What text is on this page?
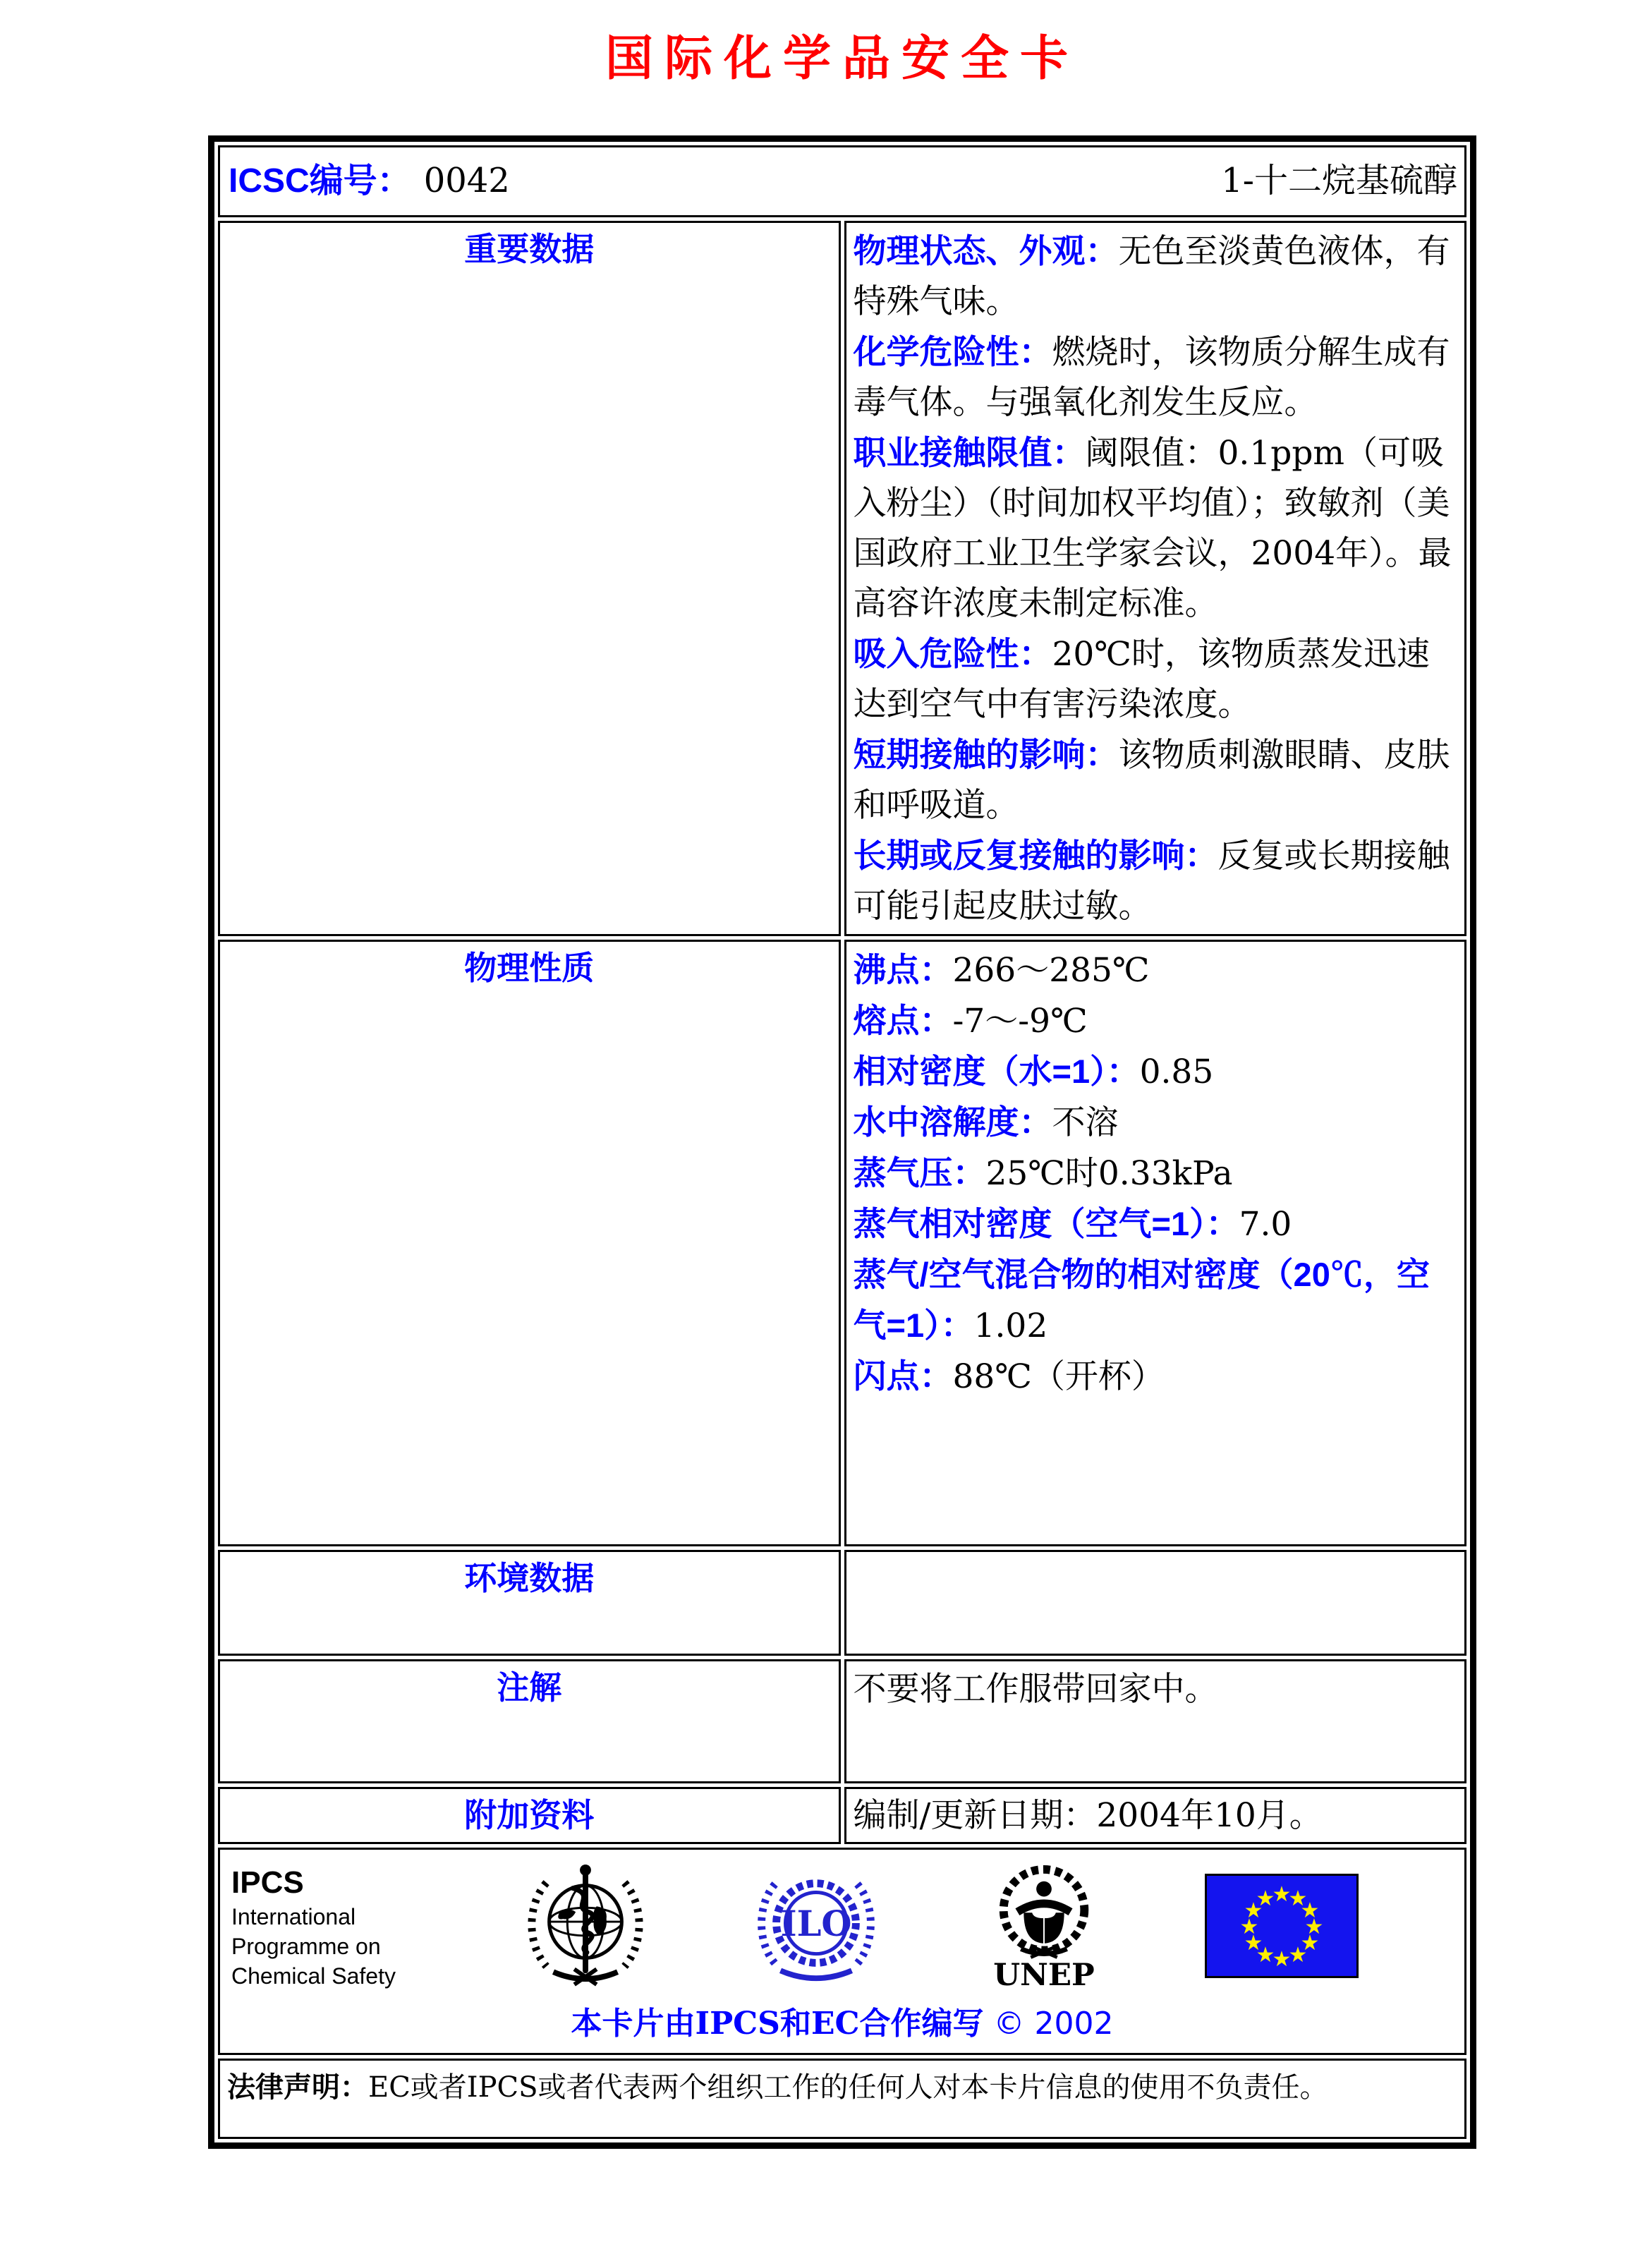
国际化学品安全卡
ICSC编号： 0042 1-十二烷基硫醇	

重要数据	物理状态、外观：无色至淡黄色液体，有特殊气味。
化学危险性：燃烧时，该物质分解生成有毒气体。与强氧化剂发生反应。
职业接触限值：阈限值：0.1ppm（可吸入粉尘）（时间加权平均值）；致敏剂（美国政府工业卫生学家会议，2004年）。最高容许浓度未制定标准。
吸入危险性：20℃时，该物质蒸发迅速达到空气中有害污染浓度。
短期接触的影响：该物质刺激眼睛、皮肤和呼吸道。
长期或反复接触的影响：反复或长期接触可能引起皮肤过敏。

物理性质	沸点：266～285℃
熔点：-7～-9℃
相对密度（水=1）：0.85
水中溶解度：不溶
蒸气压：25℃时0.33kPa
蒸气相对密度（空气=1）：7.0
蒸气/空气混合物的相对密度（20℃，空气=1）：1.02
闪点：88℃（开杯）

环境数据	
注解	不要将工作服带回家中。

附加资料	编制/更新日期：2004年10月。

IPCS
International
Programme on
Chemical Safety
ILO
UNEP
★
★
★
★
★
★
★
★
★
★
★
★
本卡片由IPCS和EC合作编写 © 2002

法律声明：EC或者IPCS或者代表两个组织工作的任何人对本卡片信息的使用不负责任。	
